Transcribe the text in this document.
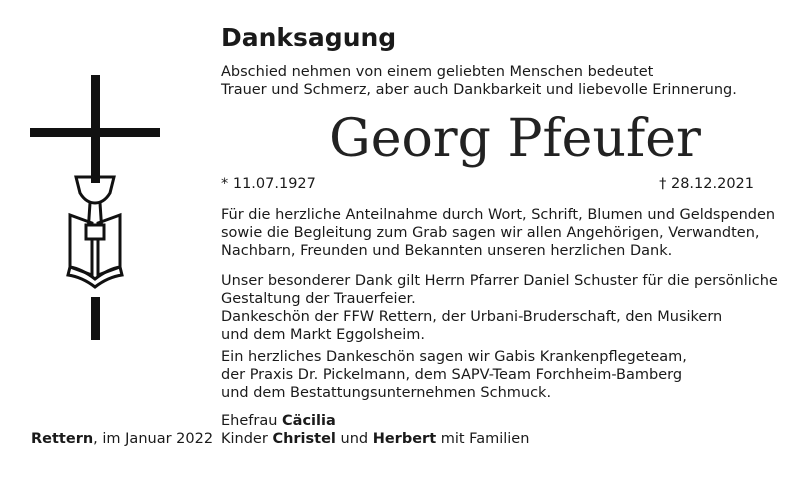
Danksagung
Abschied nehmen von einem geliebten Menschen bedeutet
Trauer und Schmerz, aber auch Dankbarkeit und liebevolle Erinnerung.
Georg Pfeufer
* 11.07.1927	† 28.12.2021
Für die herzliche Anteilnahme durch Wort, Schrift, Blumen und Geldspenden
sowie die Begleitung zum Grab sagen wir allen Angehörigen, Verwandten,
Nachbarn, Freunden und Bekannten unseren herzlichen Dank.
Unser besonderer Dank gilt Herrn Pfarrer Daniel Schuster für die persönliche
Gestaltung der Trauerfeier.
Dankeschön der FFW Rettern, der Urbani-Bruderschaft, den Musikern
und dem Markt Eggolsheim.
Ein herzliches Dankeschön sagen wir Gabis Krankenpflegeteam,
der Praxis Dr. Pickelmann, dem SAPV-Team Forchheim-Bamberg
und dem Bestattungsunternehmen Schmuck.
Ehefrau Cäcilia
Kinder Christel und Herbert mit Familien
Rettern, im Januar 2022
